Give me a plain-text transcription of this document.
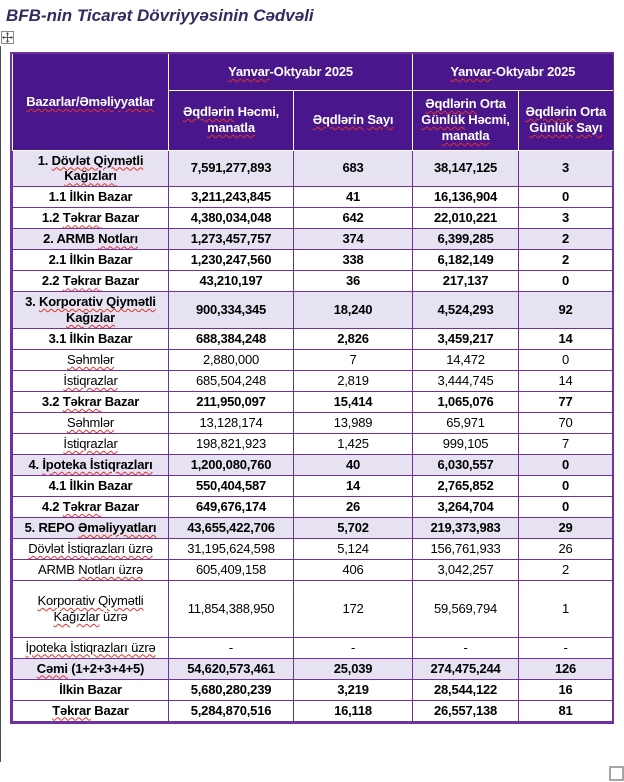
BFB-nin Ticarət Dövriyyəsinin Cədvəli
Bazarlar/Əməliyyatlar	Yanvar-Oktyabr 2025		Yanvar-Oktyabr 2025	
	Əqdlərin Həcmi, manatla	Əqdlərin Sayı	Əqdlərin Orta Günlük Həcmi, manatla	Əqdlərin Orta Günlük Sayı
1. Dövlət Qiymətli Kağızları	7,591,277,893	683	38,147,125	3
1.1 İlkin Bazar	3,211,243,845	41	16,136,904	0
1.2 Təkrar Bazar	4,380,034,048	642	22,010,221	3
2. ARMB Notları	1,273,457,757	374	6,399,285	2
2.1 İlkin Bazar	1,230,247,560	338	6,182,149	2
2.2 Təkrar Bazar	43,210,197	36	217,137	0
3. Korporativ Qiymətli Kağızlar	900,334,345	18,240	4,524,293	92
3.1 İlkin Bazar	688,384,248	2,826	3,459,217	14
Səhmlər	2,880,000	7	14,472	0
İstiqrazlar	685,504,248	2,819	3,444,745	14
3.2 Təkrar Bazar	211,950,097	15,414	1,065,076	77
Səhmlər	13,128,174	13,989	65,971	70
İstiqrazlar	198,821,923	1,425	999,105	7
4. İpoteka İstiqrazları	1,200,080,760	40	6,030,557	0
4.1 İlkin Bazar	550,404,587	14	2,765,852	0
4.2 Təkrar Bazar	649,676,174	26	3,264,704	0
5. REPO Əməliyyatları	43,655,422,706	5,702	219,373,983	29
Dövlət İstiqrazları üzrə	31,195,624,598	5,124	156,761,933	26
ARMB Notları üzrə	605,409,158	406	3,042,257	2
Korporativ Qiymətli Kağızlar üzrə	11,854,388,950	172	59,569,794	1
İpoteka İstiqrazları üzrə	-	-	-	-
Cəmi (1+2+3+4+5)	54,620,573,461	25,039	274,475,244	126
İlkin Bazar	5,680,280,239	3,219	28,544,122	16
Təkrar Bazar	5,284,870,516	16,118	26,557,138	81
